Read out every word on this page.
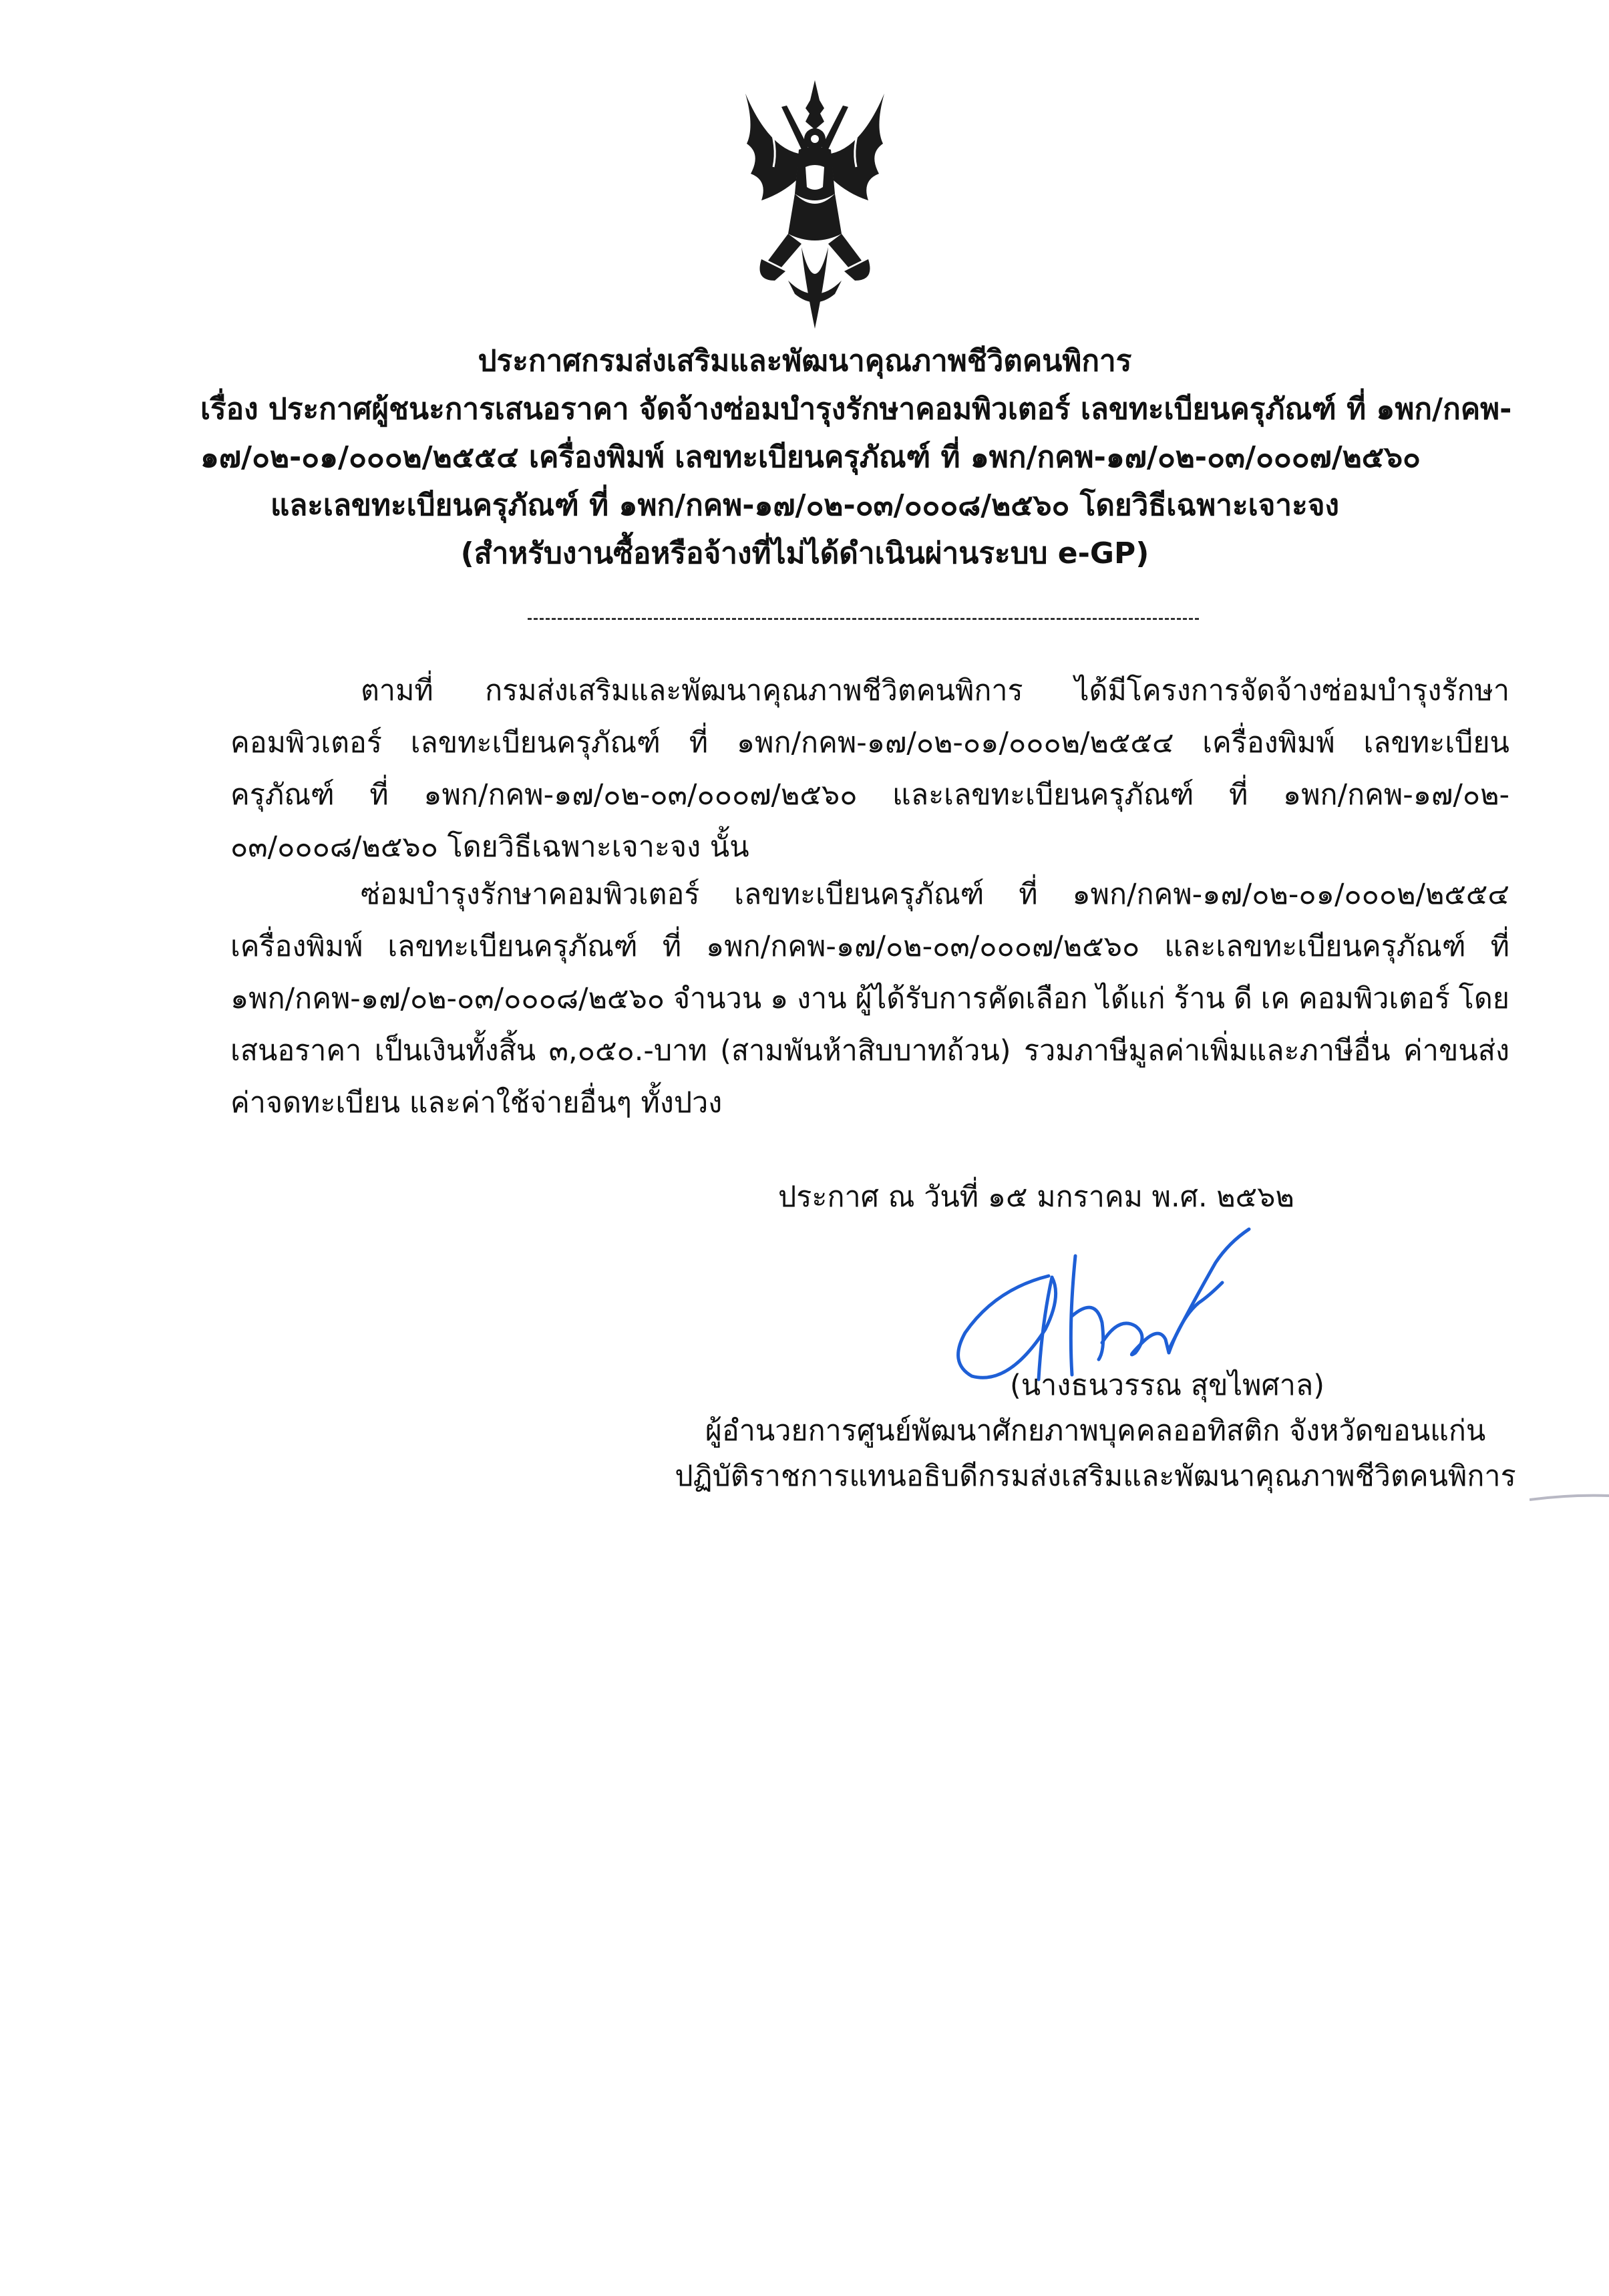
ประกาศกรมส่งเสริมและพัฒนาคุณภาพชีวิตคนพิการ
เรื่อง ประกาศผู้ชนะการเสนอราคา จัดจ้างซ่อมบำรุงรักษาคอมพิวเตอร์ เลขทะเบียนครุภัณฑ์ ที่ ๑พก/กคพ-
๑๗/๐๒-๐๑/๐๐๐๒/๒๕๕๔ เครื่องพิมพ์ เลขทะเบียนครุภัณฑ์ ที่ ๑พก/กคพ-๑๗/๐๒-๐๓/๐๐๐๗/๒๕๖๐
และเลขทะเบียนครุภัณฑ์ ที่ ๑พก/กคพ-๑๗/๐๒-๐๓/๐๐๐๘/๒๕๖๐ โดยวิธีเฉพาะเจาะจง
(สำหรับงานซื้อหรือจ้างที่ไม่ได้ดำเนินผ่านระบบ e-GP)
ตามที่ กรมส่งเสริมและพัฒนาคุณภาพชีวิตคนพิการ ได้มีโครงการจัดจ้างซ่อมบำรุงรักษา
คอมพิวเตอร์ เลขทะเบียนครุภัณฑ์ ที่ ๑พก/กคพ-๑๗/๐๒-๐๑/๐๐๐๒/๒๕๕๔ เครื่องพิมพ์ เลขทะเบียน
ครุภัณฑ์ ที่ ๑พก/กคพ-๑๗/๐๒-๐๓/๐๐๐๗/๒๕๖๐ และเลขทะเบียนครุภัณฑ์ ที่ ๑พก/กคพ-๑๗/๐๒-
๐๓/๐๐๐๘/๒๕๖๐ โดยวิธีเฉพาะเจาะจง นั้น
ซ่อมบำรุงรักษาคอมพิวเตอร์ เลขทะเบียนครุภัณฑ์ ที่ ๑พก/กคพ-๑๗/๐๒-๐๑/๐๐๐๒/๒๕๕๔
เครื่องพิมพ์ เลขทะเบียนครุภัณฑ์ ที่ ๑พก/กคพ-๑๗/๐๒-๐๓/๐๐๐๗/๒๕๖๐ และเลขทะเบียนครุภัณฑ์ ที่
๑พก/กคพ-๑๗/๐๒-๐๓/๐๐๐๘/๒๕๖๐ จำนวน ๑ งาน ผู้ได้รับการคัดเลือก ได้แก่ ร้าน ดี เค คอมพิวเตอร์ โดย
เสนอราคา เป็นเงินทั้งสิ้น ๓,๐๕๐.-บาท (สามพันห้าสิบบาทถ้วน) รวมภาษีมูลค่าเพิ่มและภาษีอื่น ค่าขนส่ง
ค่าจดทะเบียน และค่าใช้จ่ายอื่นๆ ทั้งปวง
ประกาศ ณ วันที่ ๑๕ มกราคม พ.ศ. ๒๕๖๒
(นางธนวรรณ สุขไพศาล)
ผู้อำนวยการศูนย์พัฒนาศักยภาพบุคคลออทิสติก จังหวัดขอนแก่น
ปฏิบัติราชการแทนอธิบดีกรมส่งเสริมและพัฒนาคุณภาพชีวิตคนพิการ
